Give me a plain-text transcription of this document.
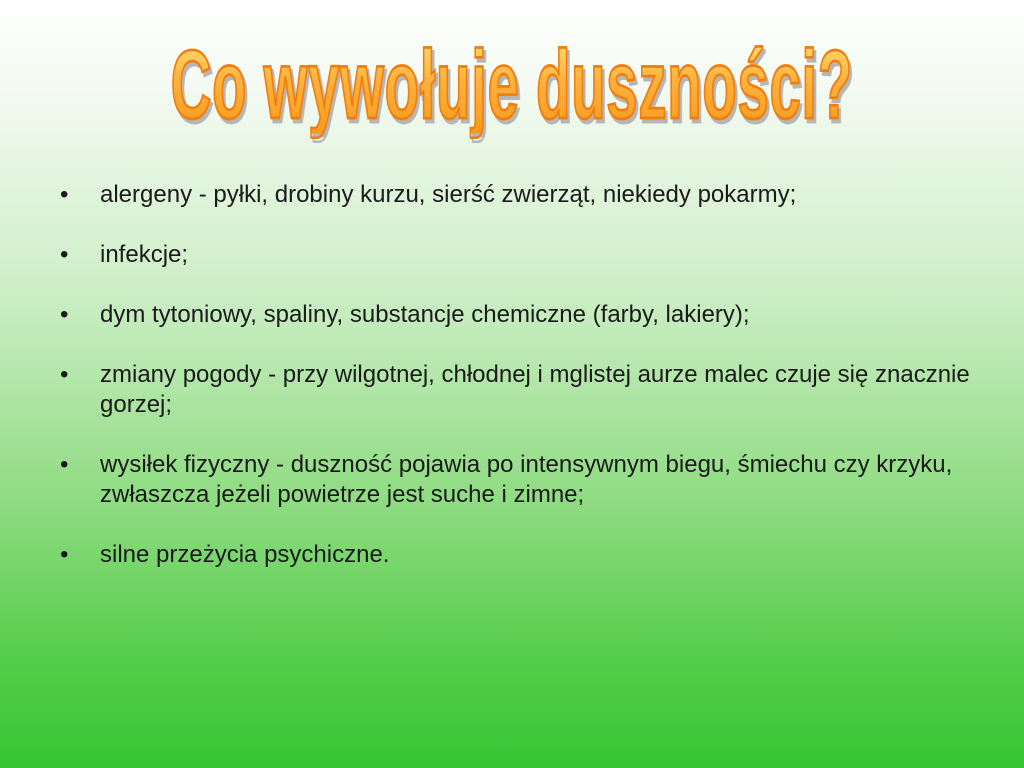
Co wywołuje duszności?
•	alergeny - pyłki, drobiny kurzu, sierść zwierząt, niekiedy pokarmy;
•	infekcje;
•	dym tytoniowy, spaliny, substancje chemiczne (farby, lakiery);
•	zmiany pogody - przy wilgotnej, chłodnej i mglistej aurze malec czuje się znacznie gorzej;
•	wysiłek fizyczny - duszność pojawia po intensywnym biegu, śmiechu czy krzyku, zwłaszcza jeżeli powietrze jest suche i zimne;
•	silne przeżycia psychiczne.
